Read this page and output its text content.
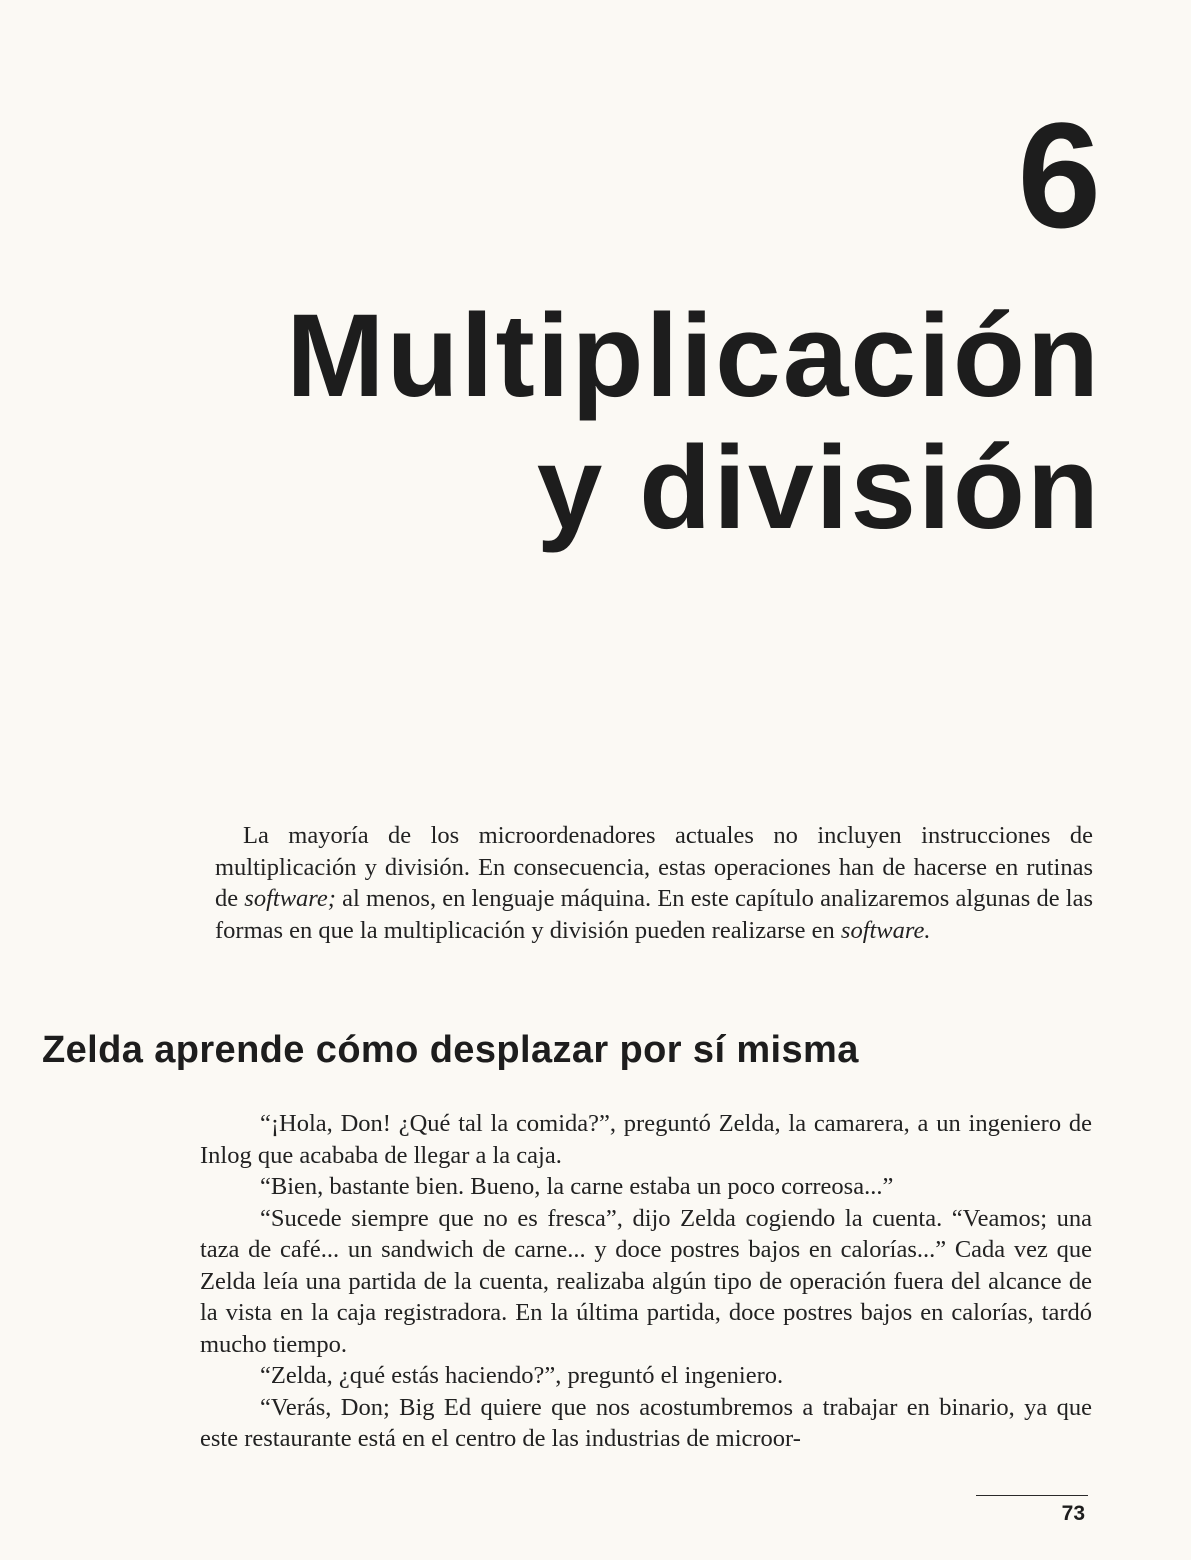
6
Multiplicación
y división

La mayoría de los microordenadores actuales no incluyen instrucciones de multiplicación y división. En consecuencia, estas operaciones han de hacerse en rutinas de software; al menos, en lenguaje máquina. En este capítulo analizaremos algunas de las formas en que la multiplicación y división pueden realizarse en software.

Zelda aprende cómo desplazar por sí misma

“¡Hola, Don! ¿Qué tal la comida?”, preguntó Zelda, la camarera, a un ingeniero de Inlog que acababa de llegar a la caja.

“Bien, bastante bien. Bueno, la carne estaba un poco correosa...”

“Sucede siempre que no es fresca”, dijo Zelda cogiendo la cuenta. “Veamos; una taza de café... un sandwich de carne... y doce postres bajos en calorías...” Cada vez que Zelda leía una partida de la cuenta, realizaba algún tipo de operación fuera del alcance de la vista en la caja registradora. En la última partida, doce postres bajos en calorías, tardó mucho tiempo.

“Zelda, ¿qué estás haciendo?”, preguntó el ingeniero.

“Verás, Don; Big Ed quiere que nos acostumbremos a trabajar en binario, ya que este restaurante está en el centro de las industrias de microor-

73
